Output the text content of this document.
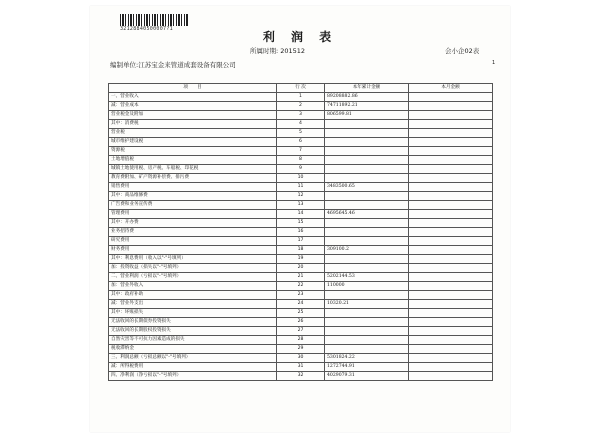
32128840500007?1
利 润 表
所属时期: 201512	会小企02表
1
编制单位:江苏宝金来管道成套设备有限公司
项　　目	行 次	本年累计金额	本月金额
一、营业收入	1	89208882.86	
减：营业成本	2	74711892.21	
营业税金及附加	3	806599.81	
其中：消费税	4		
营业税	5		
城市维护建设税	6		
资源税	7		
土地增值税	8		
城镇土地使用税、房产税、车船税、印花税	9		
教育费附加、矿产资源补偿费、排污费	10		
销售费用	11	3483500.65	
其中：商品维修费	12		
广告费和业务宣传费	13		
管理费用	14	4695645.46	
其中：开办费	15		
业务招待费	16		
研究费用	17		
财务费用	18	309100.2	
其中：利息费用（收入以"-"号填列）	19		
加：投资收益（损失以"-"号填列）	20		
二、营业利润（亏损以"-"号填列）	21	5202144.53	
加：营业外收入	22	110000	
其中：政府补助	23		
减：营业外支出	24	10320.21	
其中：坏账损失	25		
无法收回的长期债券投资损失	26		
无法收回的长期股权投资损失	27		
自然灾害等不可抗力因素造成的损失	28		
税收滞纳金	29		
三、利润总额（亏损总额以"-"号填列）	30	5301824.22	
减：所得税费用	31	1272744.91	
四、净利润（净亏损以"-"号填列）	32	4029079.31	
